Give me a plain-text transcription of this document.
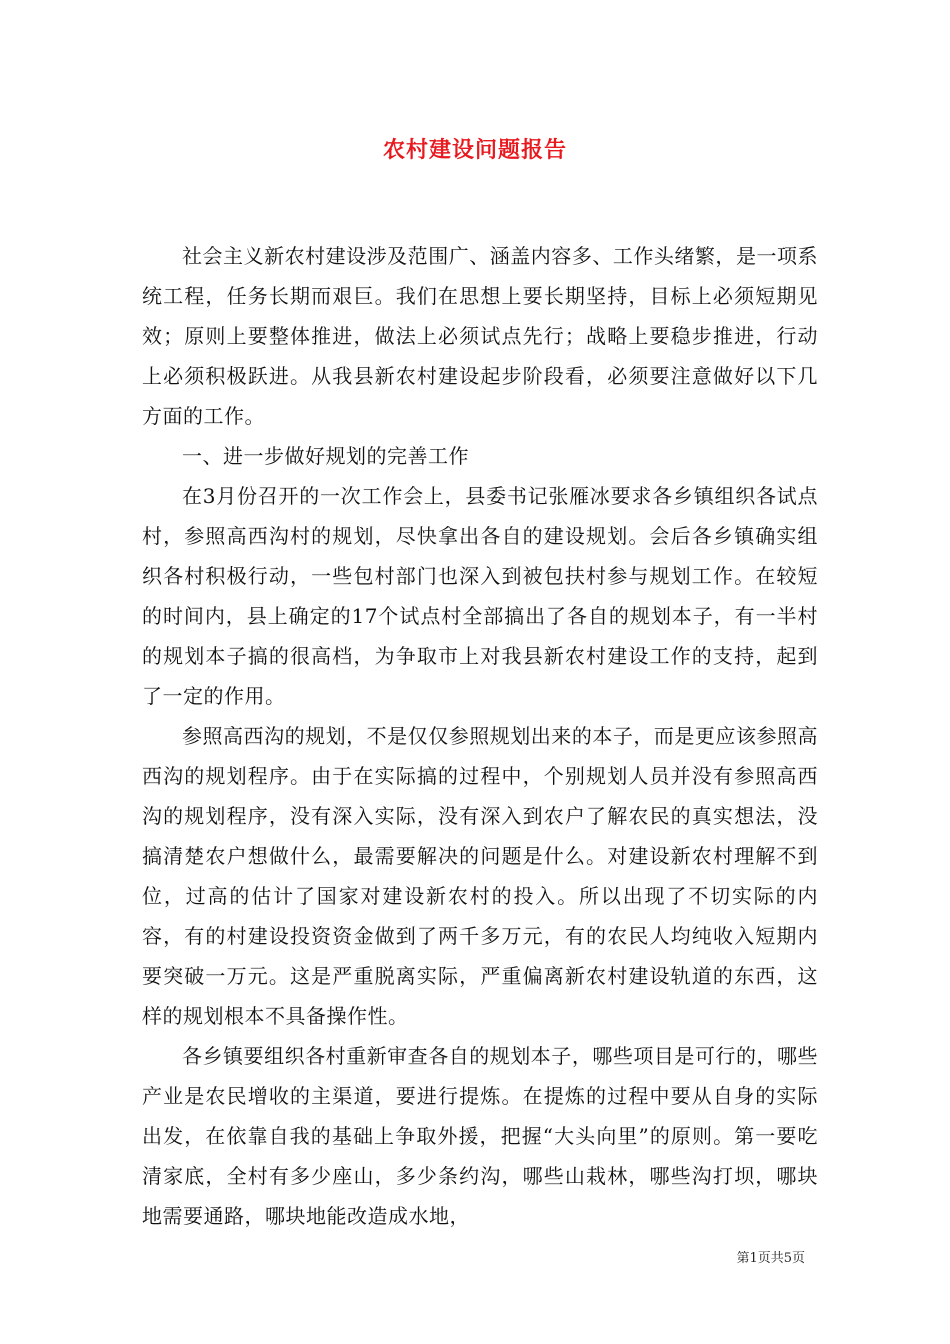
农村建设问题报告

社会主义新农村建设涉及范围广、涵盖内容多、工作头绪繁，是一项系统工程，任务长期而艰巨。我们在思想上要长期坚持，目标上必须短期见效；原则上要整体推进，做法上必须试点先行；战略上要稳步推进，行动上必须积极跃进。从我县新农村建设起步阶段看，必须要注意做好以下几方面的工作。

一、进一步做好规划的完善工作

在3月份召开的一次工作会上，县委书记张雁冰要求各乡镇组织各试点村，参照高西沟村的规划，尽快拿出各自的建设规划。会后各乡镇确实组织各村积极行动，一些包村部门也深入到被包扶村参与规划工作。在较短的时间内，县上确定的17个试点村全部搞出了各自的规划本子，有一半村的规划本子搞的很高档，为争取市上对我县新农村建设工作的支持，起到了一定的作用。

参照高西沟的规划，不是仅仅参照规划出来的本子，而是更应该参照高西沟的规划程序。由于在实际搞的过程中，个别规划人员并没有参照高西沟的规划程序，没有深入实际，没有深入到农户了解农民的真实想法，没搞清楚农户想做什么，最需要解决的问题是什么。对建设新农村理解不到位，过高的估计了国家对建设新农村的投入。所以出现了不切实际的内容，有的村建设投资资金做到了两千多万元，有的农民人均纯收入短期内要突破一万元。这是严重脱离实际，严重偏离新农村建设轨道的东西，这样的规划根本不具备操作性。

各乡镇要组织各村重新审查各自的规划本子，哪些项目是可行的，哪些产业是农民增收的主渠道，要进行提炼。在提炼的过程中要从自身的实际出发，在依靠自我的基础上争取外援，把握“大头向里”的原则。第一要吃清家底，全村有多少座山，多少条约沟，哪些山栽林，哪些沟打坝，哪块地需要通路，哪块地能改造成水地，

第1页共5页
